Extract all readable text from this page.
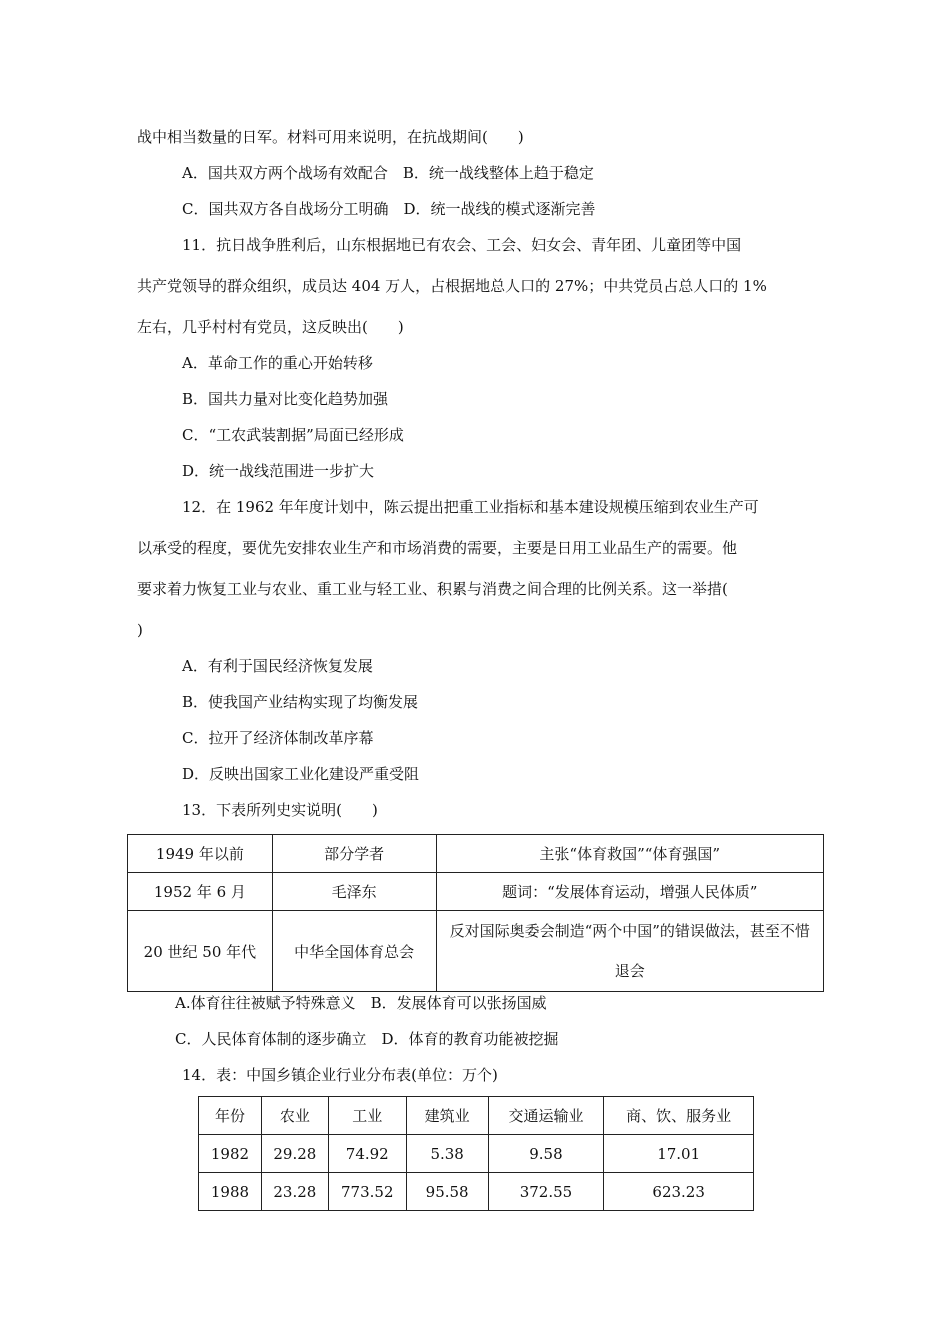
战中相当数量的日军。材料可用来说明，在抗战期间(　　)
A．国共双方两个战场有效配合　B．统一战线整体上趋于稳定
C．国共双方各自战场分工明确　D．统一战线的模式逐渐完善
11．抗日战争胜利后，山东根据地已有农会、工会、妇女会、青年团、儿童团等中国
共产党领导的群众组织，成员达 404 万人，占根据地总人口的 27%；中共党员占总人口的 1%
左右，几乎村村有党员，这反映出(　　)
A．革命工作的重心开始转移
B．国共力量对比变化趋势加强
C．“工农武装割据”局面已经形成
D．统一战线范围进一步扩大
12．在 1962 年年度计划中，陈云提出把重工业指标和基本建设规模压缩到农业生产可
以承受的程度，要优先安排农业生产和市场消费的需要，主要是日用工业品生产的需要。他
要求着力恢复工业与农业、重工业与轻工业、积累与消费之间合理的比例关系。这一举措(
)
A．有利于国民经济恢复发展
B．使我国产业结构实现了均衡发展
C．拉开了经济体制改革序幕
D．反映出国家工业化建设严重受阻
13．下表所列史实说明(　　)
1949 年以前	部分学者	主张“体育救国”“体育强国”
1952 年 6 月	毛泽东	题词：“发展体育运动，增强人民体质”
20 世纪 50 年代	中华全国体育总会	反对国际奥委会制造“两个中国”的错误做法，甚至不惜退会
A.体育往往被赋予特殊意义　B．发展体育可以张扬国威
C．人民体育体制的逐步确立　D．体育的教育功能被挖掘
14．表：中国乡镇企业行业分布表(单位：万个)
年份	农业	工业	建筑业	交通运输业	商、饮、服务业
1982	29.28	74.92	5.38	9.58	17.01
1988	23.28	773.52	95.58	372.55	623.23
